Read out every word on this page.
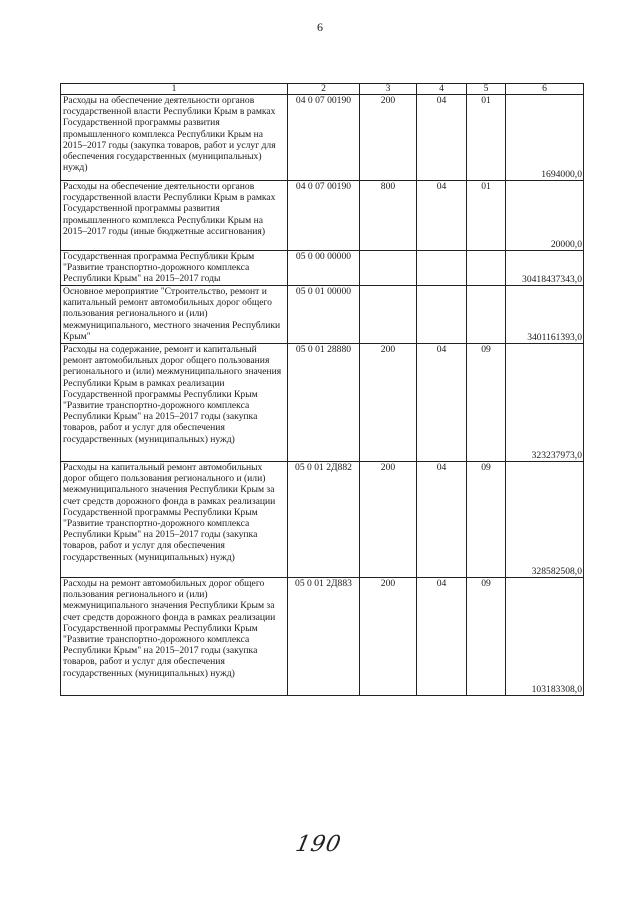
6
1	2	3	4	5	6
Расходы на обеспечение деятельности органов государственной власти Республики Крым в рамках Государственной программы развития промышленного комплекса Республики Крым на 2015–2017 годы (закупка товаров, работ и услуг для обеспечения государственных (муниципальных) нужд)	04 0 07 00190	200	04	01	1694000,0
Расходы на обеспечение деятельности органов государственной власти Республики Крым в рамках Государственной программы развития промышленного комплекса Республики Крым на 2015–2017 годы (иные бюджетные ассигнования)	04 0 07 00190	800	04	01	20000,0
Государственная программа Республики Крым "Развитие транспортно-дорожного комплекса Республики Крым" на 2015–2017 годы	05 0 00 00000				30418437343,0
Основное мероприятие "Строительство, ремонт и капитальный ремонт автомобильных дорог общего пользования регионального и (или) межмуниципального, местного значения Республики Крым"	05 0 01 00000				3401161393,0
Расходы на содержание, ремонт и капитальный ремонт автомобильных дорог общего пользования регионального и (или) межмуниципального значения Республики Крым в рамках реализации Государственной программы Республики Крым "Развитие транспортно-дорожного комплекса Республики Крым" на 2015–2017 годы (закупка товаров, работ и услуг для обеспечения государственных (муниципальных) нужд)	05 0 01 28880	200	04	09	323237973,0
Расходы на капитальный ремонт автомобильных дорог общего пользования регионального и (или) межмуниципального значения Республики Крым за счет средств дорожного фонда в рамках реализации Государственной программы Республики Крым "Развитие транспортно-дорожного комплекса Республики Крым" на 2015–2017 годы (закупка товаров, работ и услуг для обеспечения государственных (муниципальных) нужд)	05 0 01 2Д882	200	04	09	328582508,0
Расходы на ремонт автомобильных дорог общего пользования регионального и (или) межмуниципального значения Республики Крым за счет средств дорожного фонда в рамках реализации Государственной программы Республики Крым "Развитие транспортно-дорожного комплекса Республики Крым" на 2015–2017 годы (закупка товаров, работ и услуг для обеспечения государственных (муниципальных) нужд)	05 0 01 2Д883	200	04	09	103183308,0
190
